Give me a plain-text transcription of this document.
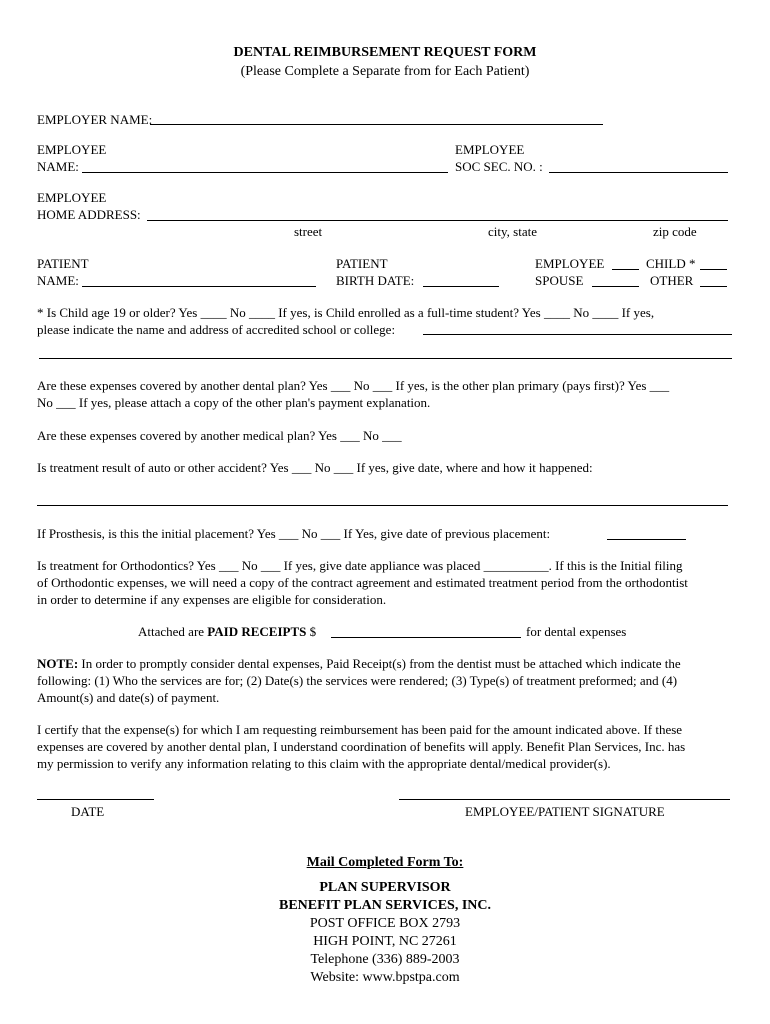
DENTAL REIMBURSEMENT REQUEST FORM
(Please Complete a Separate from for Each Patient)
EMPLOYER NAME:
EMPLOYEE
NAME:
EMPLOYEE
SOC SEC. NO. :
EMPLOYEE
HOME ADDRESS:
street	city, state	zip code
PATIENT
NAME:
PATIENT
BIRTH DATE:
EMPLOYEE	CHILD *
SPOUSE	OTHER
* Is Child age 19 or older? Yes ____ No ____ If yes, is Child enrolled as a full-time student? Yes ____ No ____ If yes,
please indicate the name and address of accredited school or college:
Are these expenses covered by another dental plan? Yes ___ No ___ If yes, is the other plan primary (pays first)? Yes ___
No ___ If yes, please attach a copy of the other plan's payment explanation.
Are these expenses covered by another medical plan? Yes ___ No ___
Is treatment result of auto or other accident? Yes ___ No ___ If yes, give date, where and how it happened:
If Prosthesis, is this the initial placement? Yes ___ No ___ If Yes, give date of previous placement:
Is treatment for Orthodontics? Yes ___ No ___ If yes, give date appliance was placed __________. If this is the Initial filing
of Orthodontic expenses, we will need a copy of the contract agreement and estimated treatment period from the orthodontist
in order to determine if any expenses are eligible for consideration.
Attached are PAID RECEIPTS $	for dental expenses
NOTE: In order to promptly consider dental expenses, Paid Receipt(s) from the dentist must be attached which indicate the
following: (1) Who the services are for; (2) Date(s) the services were rendered; (3) Type(s) of treatment preformed; and (4)
Amount(s) and date(s) of payment.
I certify that the expense(s) for which I am requesting reimbursement has been paid for the amount indicated above. If these
expenses are covered by another dental plan, I understand coordination of benefits will apply. Benefit Plan Services, Inc. has
my permission to verify any information relating to this claim with the appropriate dental/medical provider(s).
DATE	EMPLOYEE/PATIENT SIGNATURE
Mail Completed Form To:
PLAN SUPERVISOR
BENEFIT PLAN SERVICES, INC.
POST OFFICE BOX 2793
HIGH POINT, NC 27261
Telephone (336) 889-2003
Website: www.bpstpa.com
